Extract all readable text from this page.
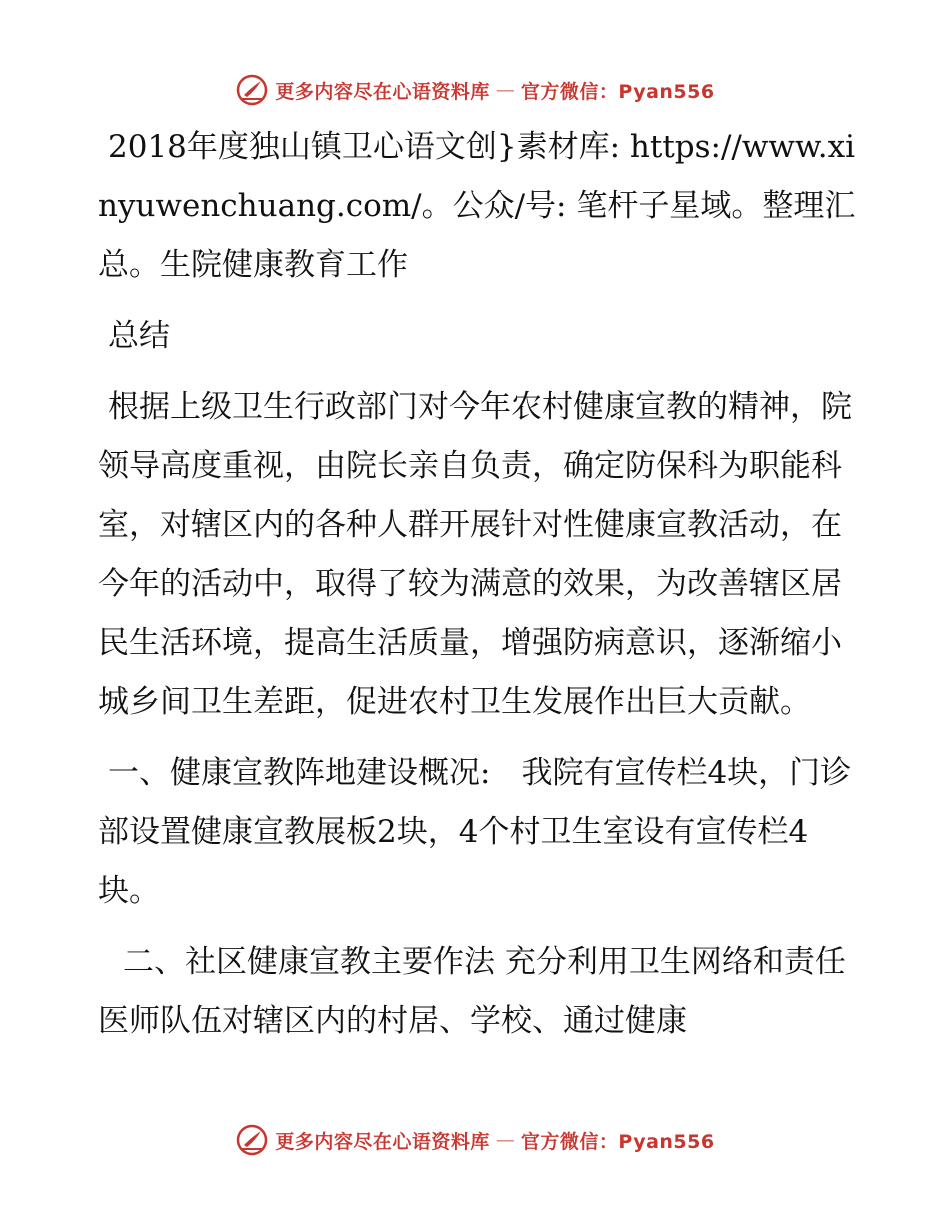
更多内容尽在心语资料库 — 官方微信：Pyan556

2018年度独山镇卫心语文创}素材库: https://www.xinyuwenchuang.com/。公众/号: 笔杆子星域。整理汇总。生院健康教育工作

总结

根据上级卫生行政部门对今年农村健康宣教的精神，院领导高度重视，由院长亲自负责，确定防保科为职能科室，对辖区内的各种人群开展针对性健康宣教活动，在今年的活动中，取得了较为满意的效果，为改善辖区居民生活环境，提高生活质量，增强防病意识，逐渐缩小城乡间卫生差距，促进农村卫生发展作出巨大贡献。

一、健康宣教阵地建设概况:　我院有宣传栏4块，门诊部设置健康宣教展板2块，4个村卫生室设有宣传栏4块。

二、社区健康宣教主要作法 充分利用卫生网络和责任医师队伍对辖区内的村居、学校、通过健康

更多内容尽在心语资料库 — 官方微信：Pyan556
